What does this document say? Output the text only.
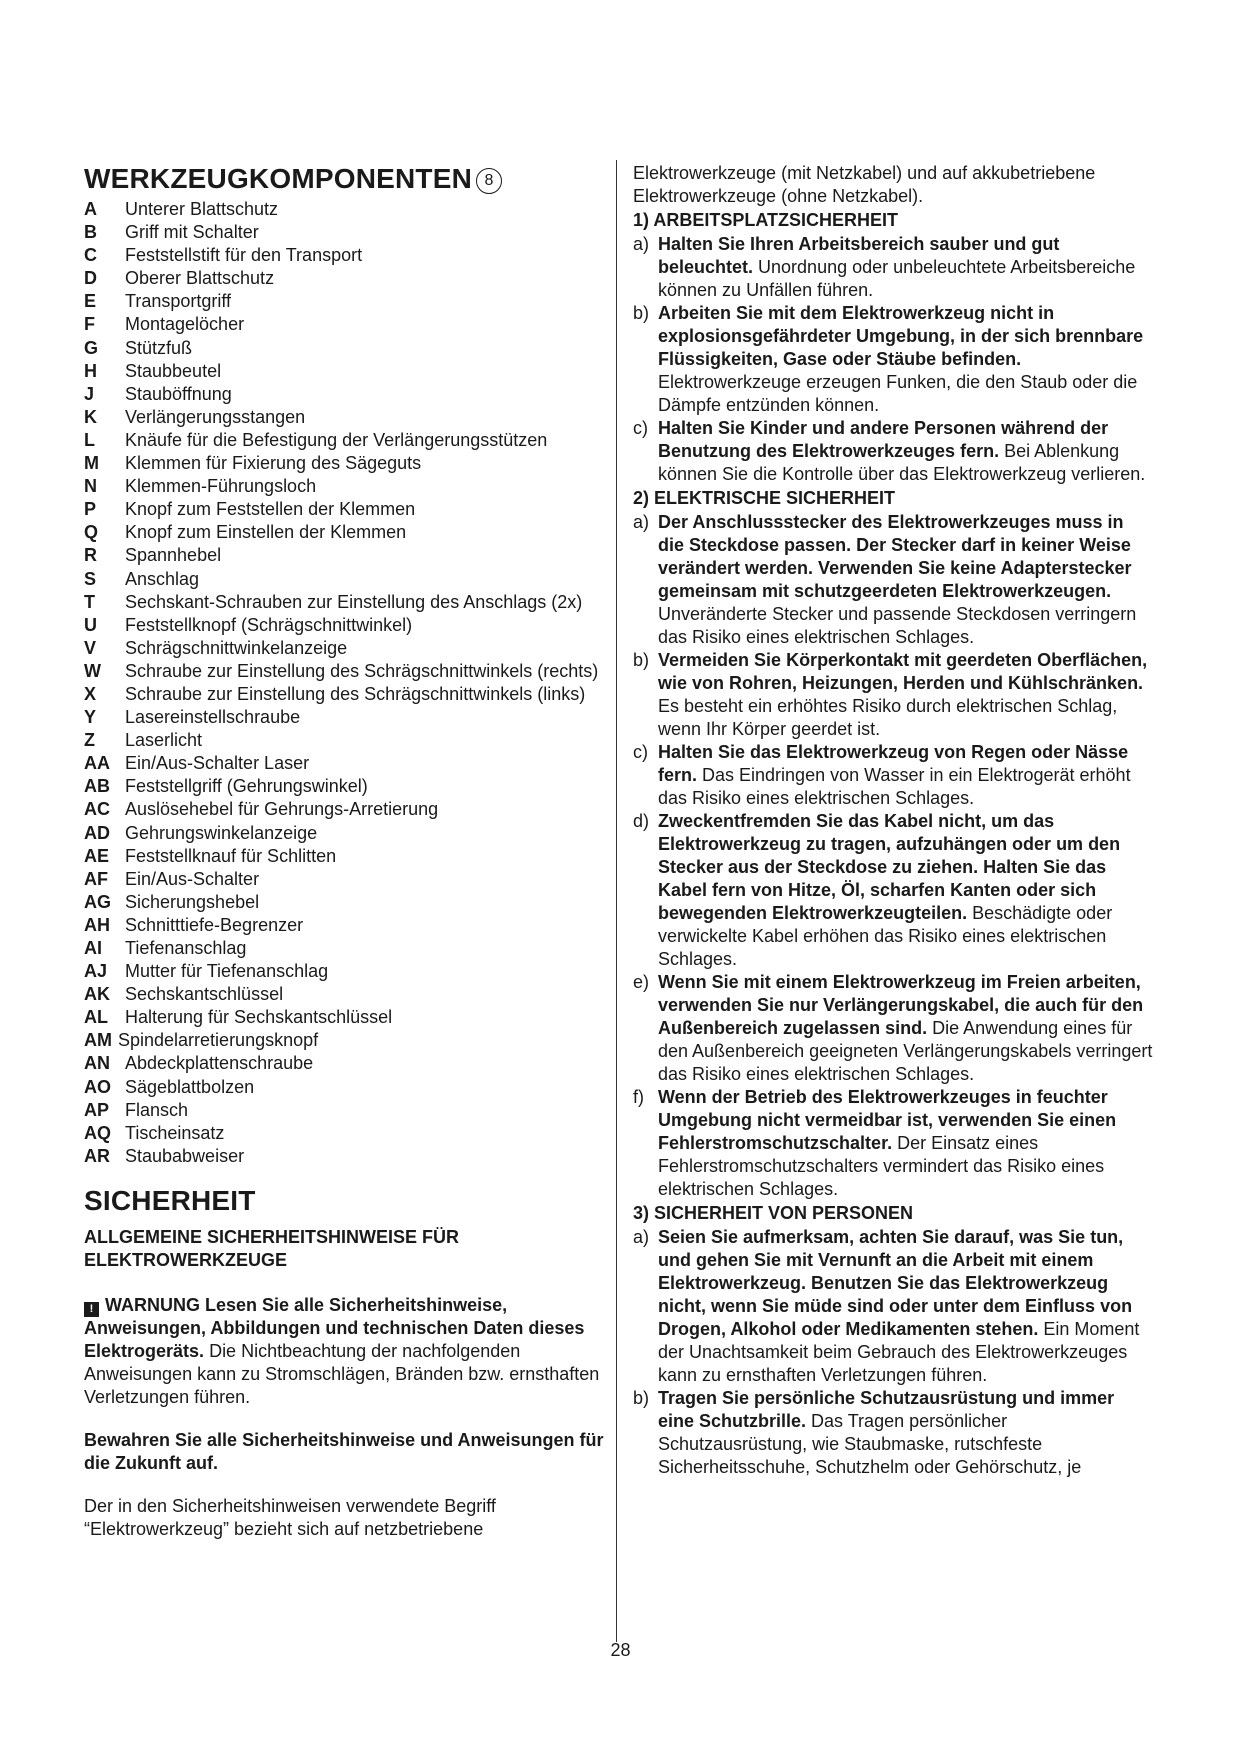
WERKZEUGKOMPONENTEN 8
A	Unterer Blattschutz
B	Griff mit Schalter
C	Feststellstift für den Transport
D	Oberer Blattschutz
E	Transportgriff
F	Montagelöcher
G	Stützfuß
H	Staubbeutel
J	Stauböffnung
K	Verlängerungsstangen
L	Knäufe für die Befestigung der Verlängerungsstützen
M	Klemmen für Fixierung des Sägeguts
N	Klemmen-Führungsloch
P	Knopf zum Feststellen der Klemmen
Q	Knopf zum Einstellen der Klemmen
R	Spannhebel
S	Anschlag
T	Sechskant-Schrauben zur Einstellung des Anschlags (2x)
U	Feststellknopf (Schrägschnittwinkel)
V	Schrägschnittwinkelanzeige
W	Schraube zur Einstellung des Schrägschnittwinkels (rechts)
X	Schraube zur Einstellung des Schrägschnittwinkels (links)
Y	Lasereinstellschraube
Z	Laserlicht
AA Ein/Aus-Schalter Laser
AB Feststellgriff (Gehrungswinkel)
AC Auslösehebel für Gehrungs-Arretierung
AD Gehrungswinkelanzeige
AE Feststellknauf für Schlitten
AF Ein/Aus-Schalter
AG Sicherungshebel
AH Schnitttiefe-Begrenzer
AI	Tiefenanschlag
AJ Mutter für Tiefenanschlag
AK Sechskantschlüssel
AL Halterung für Sechskantschlüssel
AM Spindelarretierungsknopf
AN Abdeckplattenschraube
AO Sägeblattbolzen
AP Flansch
AQ Tischeinsatz
AR Staubabweiser
SICHERHEIT
ALLGEMEINE SICHERHEITSHINWEISE FÜR ELEKTROWERKZEUGE

! WARNUNG Lesen Sie alle Sicherheitshinweise, Anweisungen, Abbildungen und technischen Daten dieses Elektrogeräts. Die Nichtbeachtung der nachfolgenden Anweisungen kann zu Stromschlägen, Bränden bzw. ernsthaften Verletzungen führen.

Bewahren Sie alle Sicherheitshinweise und Anweisungen für die Zukunft auf.

Der in den Sicherheitshinweisen verwendete Begriff “Elektrowerkzeug” bezieht sich auf netzbetriebene

Elektrowerkzeuge (mit Netzkabel) und auf akkubetriebene Elektrowerkzeuge (ohne Netzkabel).

1) ARBEITSPLATZSICHERHEIT
a) Halten Sie Ihren Arbeitsbereich sauber und gut beleuchtet. Unordnung oder unbeleuchtete Arbeitsbereiche können zu Unfällen führen.
b) Arbeiten Sie mit dem Elektrowerkzeug nicht in explosionsgefährdeter Umgebung, in der sich brennbare Flüssigkeiten, Gase oder Stäube befinden. Elektrowerkzeuge erzeugen Funken, die den Staub oder die Dämpfe entzünden können.
c) Halten Sie Kinder und andere Personen während der Benutzung des Elektrowerkzeuges fern. Bei Ablenkung können Sie die Kontrolle über das Elektrowerkzeug verlieren.
2) ELEKTRISCHE SICHERHEIT
a) Der Anschlussstecker des Elektrowerkzeuges muss in die Steckdose passen. Der Stecker darf in keiner Weise verändert werden. Verwenden Sie keine Adapterstecker gemeinsam mit schutzgeerdeten Elektrowerkzeugen. Unveränderte Stecker und passende Steckdosen verringern das Risiko eines elektrischen Schlages.
b) Vermeiden Sie Körperkontakt mit geerdeten Oberflächen, wie von Rohren, Heizungen, Herden und Kühlschränken. Es besteht ein erhöhtes Risiko durch elektrischen Schlag, wenn Ihr Körper geerdet ist.
c) Halten Sie das Elektrowerkzeug von Regen oder Nässe fern. Das Eindringen von Wasser in ein Elektrogerät erhöht das Risiko eines elektrischen Schlages.
d) Zweckentfremden Sie das Kabel nicht, um das Elektrowerkzeug zu tragen, aufzuhängen oder um den Stecker aus der Steckdose zu ziehen. Halten Sie das Kabel fern von Hitze, Öl, scharfen Kanten oder sich bewegenden Elektrowerkzeugteilen. Beschädigte oder verwickelte Kabel erhöhen das Risiko eines elektrischen Schlages.
e) Wenn Sie mit einem Elektrowerkzeug im Freien arbeiten, verwenden Sie nur Verlängerungskabel, die auch für den Außenbereich zugelassen sind. Die Anwendung eines für den Außenbereich geeigneten Verlängerungskabels verringert das Risiko eines elektrischen Schlages.
f) Wenn der Betrieb des Elektrowerkzeuges in feuchter Umgebung nicht vermeidbar ist, verwenden Sie einen Fehlerstromschutzschalter. Der Einsatz eines Fehlerstromschutzschalters vermindert das Risiko eines elektrischen Schlages.
3) SICHERHEIT VON PERSONEN
a) Seien Sie aufmerksam, achten Sie darauf, was Sie tun, und gehen Sie mit Vernunft an die Arbeit mit einem Elektrowerkzeug. Benutzen Sie das Elektrowerkzeug nicht, wenn Sie müde sind oder unter dem Einfluss von Drogen, Alkohol oder Medikamenten stehen. Ein Moment der Unachtsamkeit beim Gebrauch des Elektrowerkzeuges kann zu ernsthaften Verletzungen führen.
b) Tragen Sie persönliche Schutzausrüstung und immer eine Schutzbrille. Das Tragen persönlicher Schutzausrüstung, wie Staubmaske, rutschfeste Sicherheitsschuhe, Schutzhelm oder Gehörschutz, je
28
